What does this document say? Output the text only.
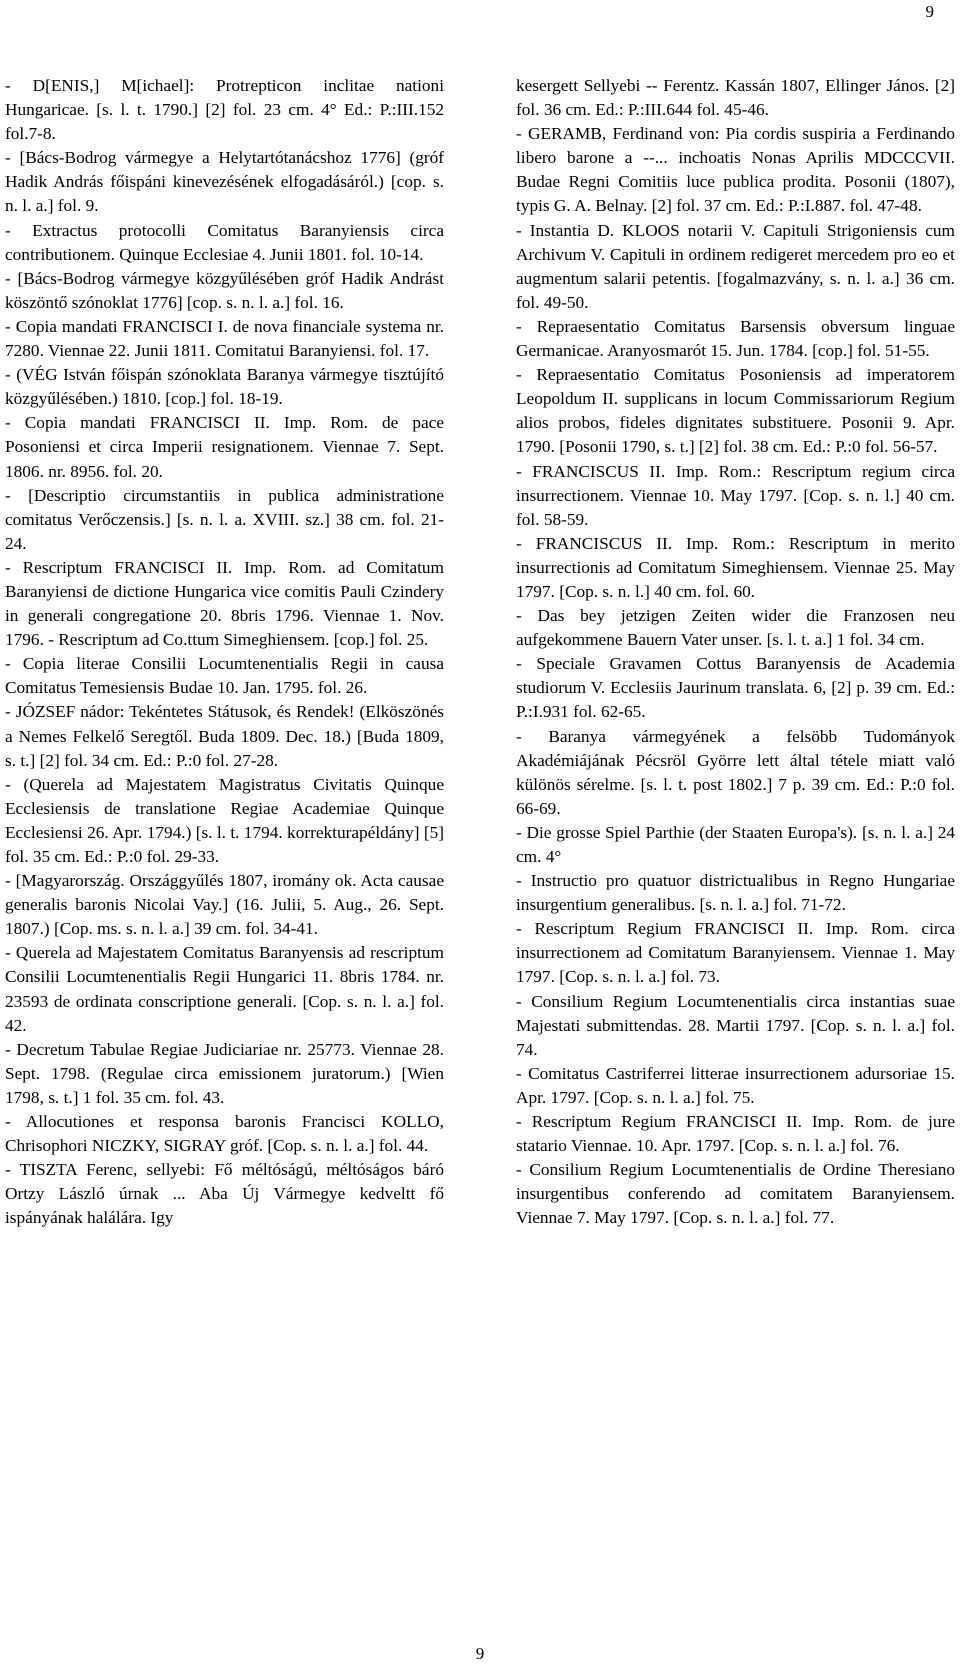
9

- D[ENIS,] M[ichael]: Protrepticon inclitae nationi Hungaricae. [s. l. t. 1790.] [2] fol. 23 cm. 4° Ed.: P.:III.152 fol.7-8.

- [Bács-Bodrog vármegye a Helytartótanácshoz 1776] (gróf Hadik András főispáni kinevezésének elfogadásáról.) [cop. s. n. l. a.] fol. 9.

- Extractus protocolli Comitatus Baranyiensis circa contributionem. Quinque Ecclesiae 4. Junii 1801. fol. 10-14.

- [Bács-Bodrog vármegye közgyűlésében gróf Hadik Andrást köszöntő szónoklat 1776] [cop. s. n. l. a.] fol. 16.

- Copia mandati FRANCISCI I. de nova financiale systema nr. 7280. Viennae 22. Junii 1811. Comitatui Baranyiensi. fol. 17.

- (VÉG István főispán szónoklata Baranya vármegye tisztújító közgyűlésében.) 1810. [cop.] fol. 18-19.

- Copia mandati FRANCISCI II. Imp. Rom. de pace Posoniensi et circa Imperii resignationem. Viennae 7. Sept. 1806. nr. 8956. fol. 20.

- [Descriptio circumstantiis in publica administratione comitatus Verőczensis.] [s. n. l. a. XVIII. sz.] 38 cm. fol. 21-24.

- Rescriptum FRANCISCI II. Imp. Rom. ad Comitatum Baranyiensi de dictione Hungarica vice comitis Pauli Czindery in generali congregatione 20. 8bris 1796. Viennae 1. Nov. 1796. - Rescriptum ad Co.ttum Simeghiensem. [cop.] fol. 25.

- Copia literae Consilii Locumtenentialis Regii in causa Comitatus Temesiensis Budae 10. Jan. 1795. fol. 26.

- JÓZSEF nádor: Tekéntetes Státusok, és Rendek! (Elköszönés a Nemes Felkelő Seregtől. Buda 1809. Dec. 18.) [Buda 1809, s. t.] [2] fol. 34 cm. Ed.: P.:0 fol. 27-28.

- (Querela ad Majestatem Magistratus Civitatis Quinque Ecclesiensis de translatione Regiae Academiae Quinque Ecclesiensi 26. Apr. 1794.) [s. l. t. 1794. korrekturapéldány] [5] fol. 35 cm. Ed.: P.:0 fol. 29-33.

- [Magyarország. Országgyűlés 1807, iromány ok. Acta causae generalis baronis Nicolai Vay.] (16. Julii, 5. Aug., 26. Sept. 1807.) [Cop. ms. s. n. l. a.] 39 cm. fol. 34-41.

- Querela ad Majestatem Comitatus Baranyensis ad rescriptum Consilii Locumtenentialis Regii Hungarici 11. 8bris 1784. nr. 23593 de ordinata conscriptione generali. [Cop. s. n. l. a.] fol. 42.

- Decretum Tabulae Regiae Judiciariae nr. 25773. Viennae 28. Sept. 1798. (Regulae circa emissionem juratorum.) [Wien 1798, s. t.] 1 fol. 35 cm. fol. 43.

- Allocutiones et responsa baronis Francisci KOLLO, Chrisophori NICZKY, SIGRAY gróf. [Cop. s. n. l. a.] fol. 44.

- TISZTA Ferenc, sellyebi: Fő méltóságú, méltóságos báró Ortzy László úrnak ... Aba Új Vármegye kedveltt fő ispányának halálára. Igy

kesergett Sellyebi -- Ferentz. Kassán 1807, Ellinger János. [2] fol. 36 cm. Ed.: P.:III.644 fol. 45-46.

- GERAMB, Ferdinand von: Pia cordis suspiria a Ferdinando libero barone a --... inchoatis Nonas Aprilis MDCCCVII. Budae Regni Comitiis luce publica prodita. Posonii (1807), typis G. A. Belnay. [2] fol. 37 cm. Ed.: P.:I.887. fol. 47-48.

- Instantia D. KLOOS notarii V. Capituli Strigoniensis cum Archivum V. Capituli in ordinem redigeret mercedem pro eo et augmentum salarii petentis. [fogalmazvány, s. n. l. a.] 36 cm. fol. 49-50.

- Repraesentatio Comitatus Barsensis obversum linguae Germanicae. Aranyosmarót 15. Jun. 1784. [cop.] fol. 51-55.

- Repraesentatio Comitatus Posoniensis ad imperatorem Leopoldum II. supplicans in locum Commissariorum Regium alios probos, fideles dignitates substituere. Posonii 9. Apr. 1790. [Posonii 1790, s. t.] [2] fol. 38 cm. Ed.: P.:0 fol. 56-57.

- FRANCISCUS II. Imp. Rom.: Rescriptum regium circa insurrectionem. Viennae 10. May 1797. [Cop. s. n. l.] 40 cm. fol. 58-59.

- FRANCISCUS II. Imp. Rom.: Rescriptum in merito insurrectionis ad Comitatum Simeghiensem. Viennae 25. May 1797. [Cop. s. n. l.] 40 cm. fol. 60.

- Das bey jetzigen Zeiten wider die Franzosen neu aufgekommene Bauern Vater unser. [s. l. t. a.] 1 fol. 34 cm.

- Speciale Gravamen Cottus Baranyensis de Academia studiorum V. Ecclesiis Jaurinum translata. 6, [2] p. 39 cm. Ed.: P.:I.931 fol. 62-65.

- Baranya vármegyének a felsöbb Tudományok Akadémiájának Pécsröl Györre lett által tétele miatt való különös sérelme. [s. l. t. post 1802.] 7 p. 39 cm. Ed.: P.:0 fol. 66-69.

- Die grosse Spiel Parthie (der Staaten Europa's). [s. n. l. a.] 24 cm. 4°

- Instructio pro quatuor districtualibus in Regno Hungariae insurgentium generalibus. [s. n. l. a.] fol. 71-72.

- Rescriptum Regium FRANCISCI II. Imp. Rom. circa insurrectionem ad Comitatum Baranyiensem. Viennae 1. May 1797. [Cop. s. n. l. a.] fol. 73.

- Consilium Regium Locumtenentialis circa instantias suae Majestati submittendas. 28. Martii 1797. [Cop. s. n. l. a.] fol. 74.

- Comitatus Castriferrei litterae insurrectionem adursoriae 15. Apr. 1797. [Cop. s. n. l. a.] fol. 75.

- Rescriptum Regium FRANCISCI II. Imp. Rom. de jure statario Viennae. 10. Apr. 1797. [Cop. s. n. l. a.] fol. 76.

- Consilium Regium Locumtenentialis de Ordine Theresiano insurgentibus conferendo ad comitatem Baranyiensem. Viennae 7. May 1797. [Cop. s. n. l. a.] fol. 77.

9
